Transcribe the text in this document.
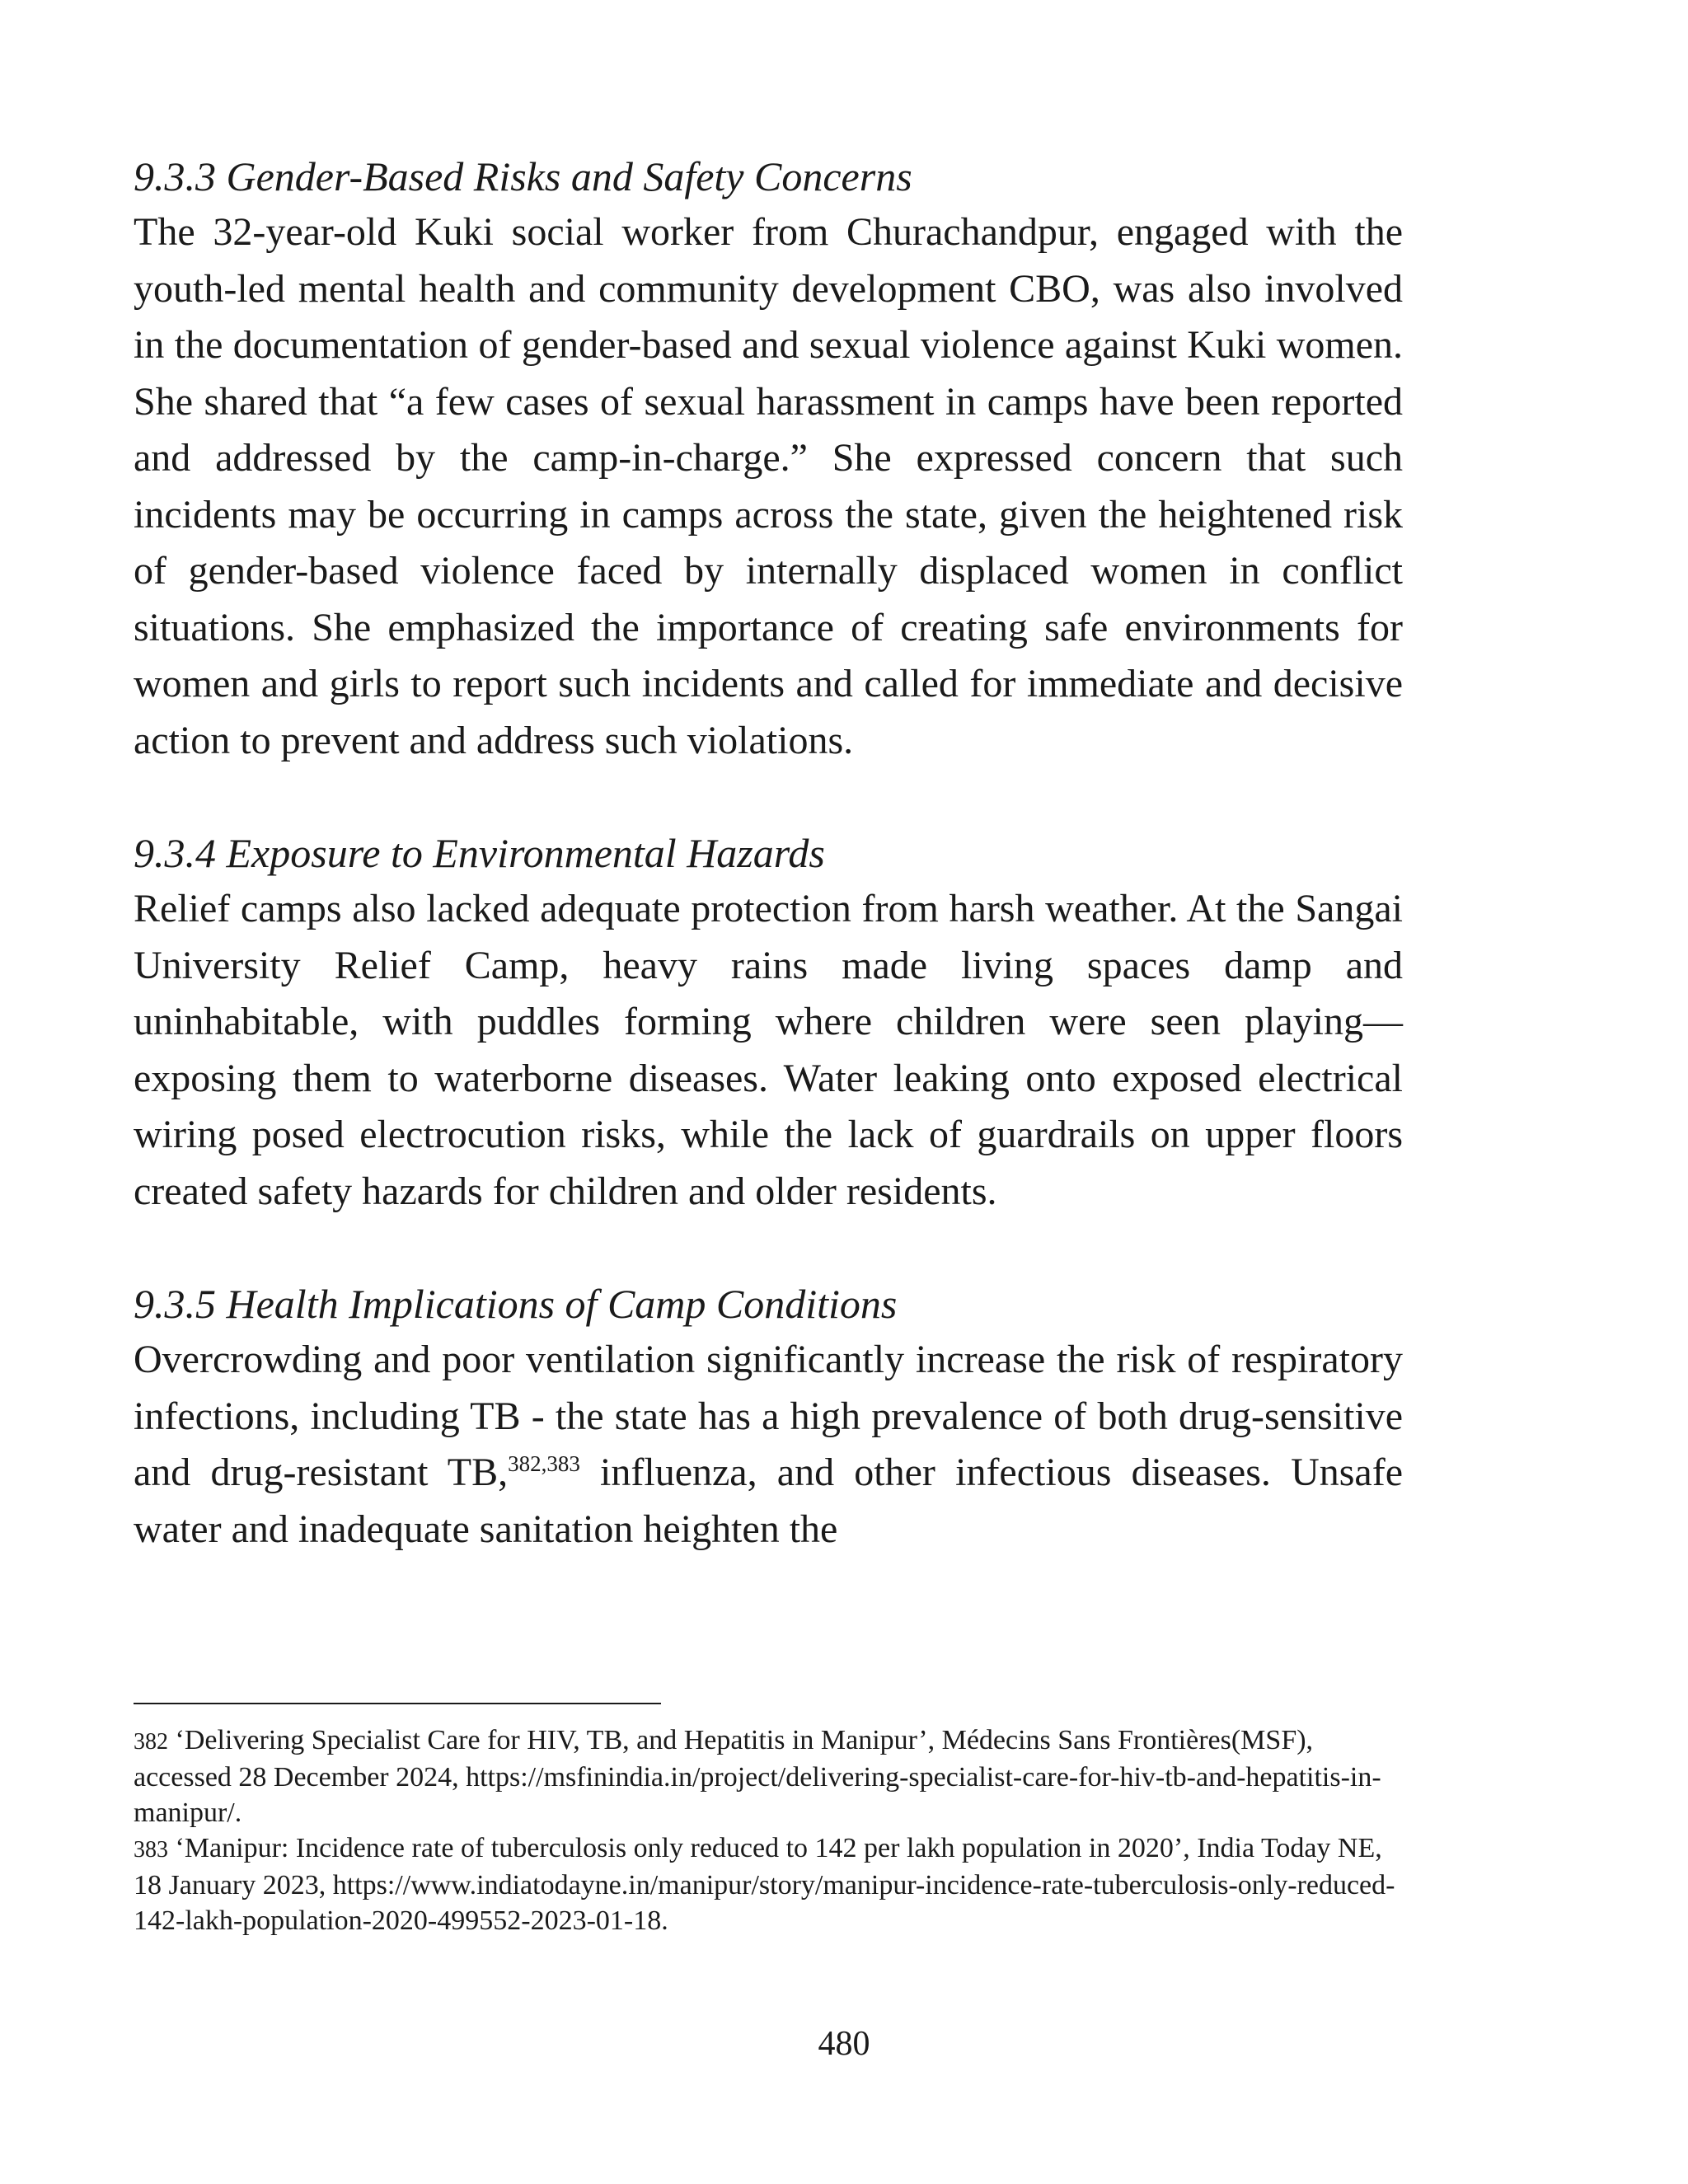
9.3.3 Gender-Based Risks and Safety Concerns

The 32-year-old Kuki social worker from Churachandpur, engaged with the youth-led mental health and community development CBO, was also involved in the documentation of gender-based and sexual violence against Kuki women. She shared that “a few cases of sexual harassment in camps have been reported and addressed by the camp-in-charge.” She expressed concern that such incidents may be occurring in camps across the state, given the heightened risk of gender-based violence faced by internally displaced women in conflict situations. She emphasized the importance of creating safe environments for women and girls to report such incidents and called for immediate and decisive action to prevent and address such violations.

9.3.4 Exposure to Environmental Hazards

Relief camps also lacked adequate protection from harsh weather. At the Sangai University Relief Camp, heavy rains made living spaces damp and uninhabitable, with puddles forming where children were seen playing—exposing them to waterborne diseases. Water leaking onto exposed electrical wiring posed electrocution risks, while the lack of guardrails on upper floors created safety hazards for children and older residents.

9.3.5 Health Implications of Camp Conditions

Overcrowding and poor ventilation significantly increase the risk of respiratory infections, including TB - the state has a high prevalence of both drug-sensitive and drug-resistant TB,$^{382,383}$ influenza, and other infectious diseases. Unsafe water and inadequate sanitation heighten the

382 ‘Delivering Specialist Care for HIV, TB, and Hepatitis in Manipur’, Médecins Sans Frontières(MSF), accessed 28 December 2024, https://msfinindia.in/project/delivering-specialist-care-for-hiv-tb-and-hepatitis-in-manipur/.

383 ‘Manipur: Incidence rate of tuberculosis only reduced to 142 per lakh population in 2020’, India Today NE, 18 January 2023, https://www.indiatodayne.in/manipur/story/manipur-incidence-rate-tuberculosis-only-reduced-142-lakh-population-2020-499552-2023-01-18.

480
